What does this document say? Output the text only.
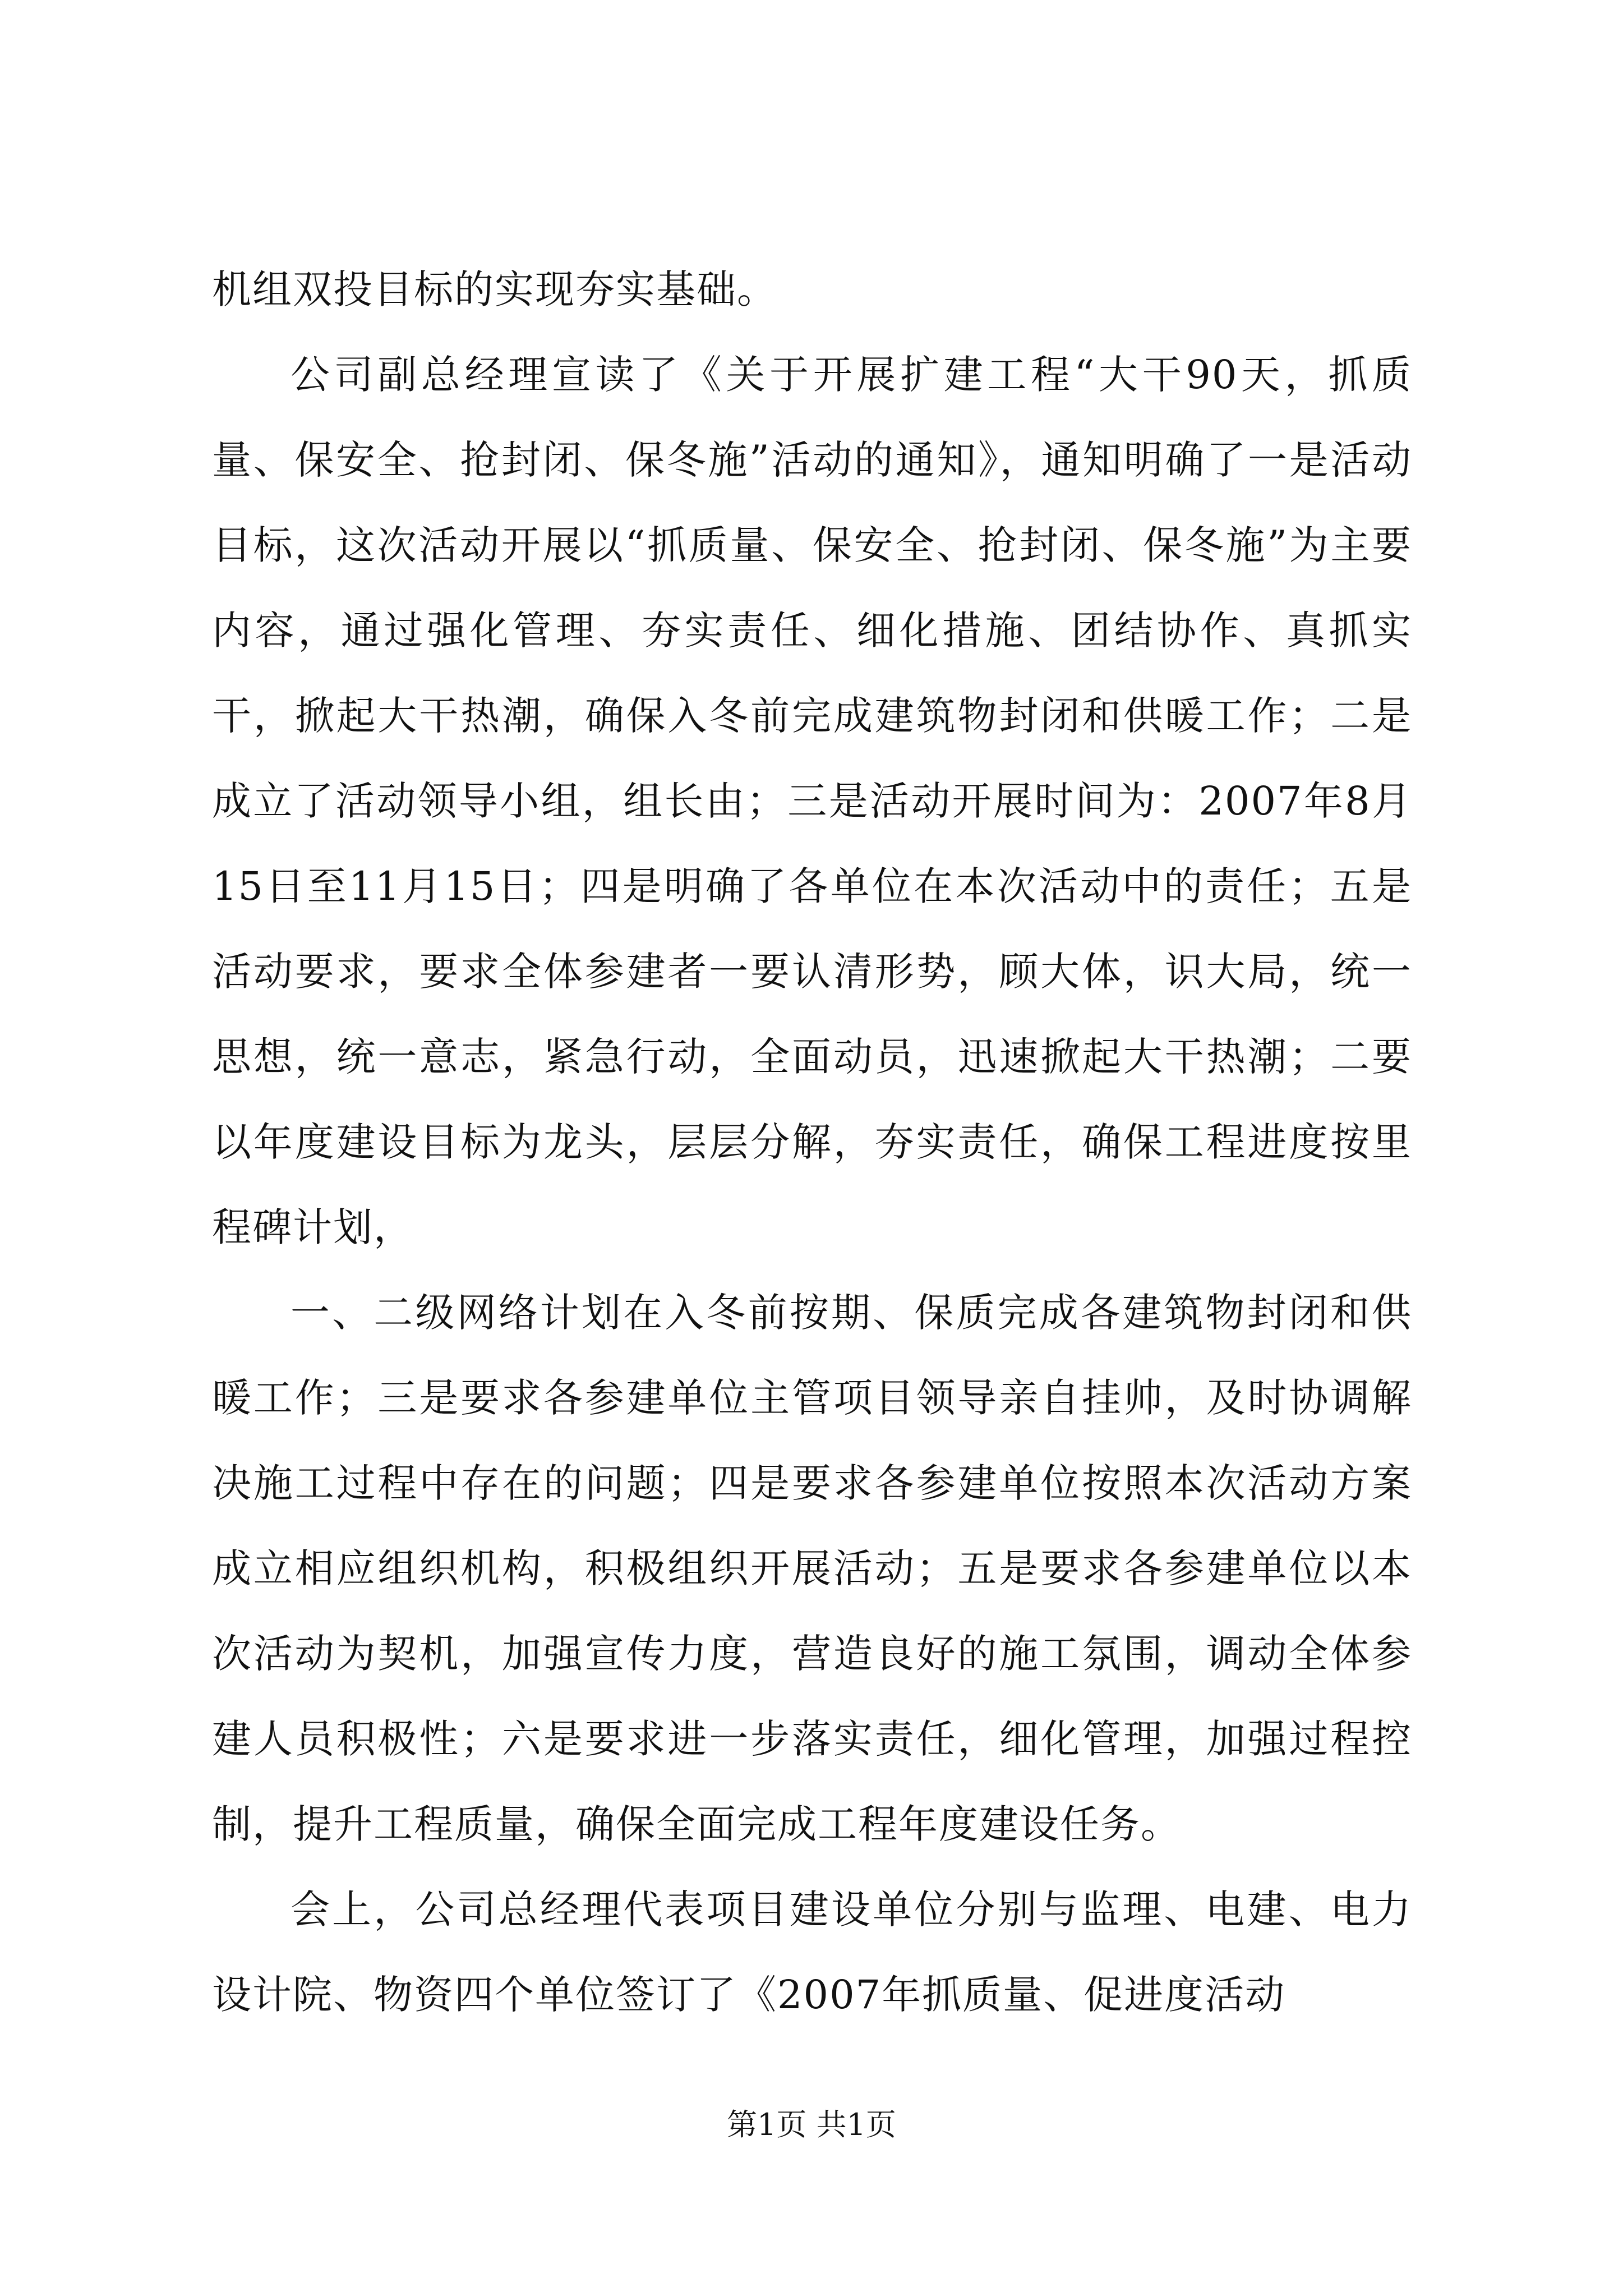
机组双投目标的实现夯实基础。

公司副总经理宣读了《关于开展扩建工程“大干90天，抓质量、保安全、抢封闭、保冬施”活动的通知》，通知明确了一是活动目标，这次活动开展以“抓质量、保安全、抢封闭、保冬施”为主要内容，通过强化管理、夯实责任、细化措施、团结协作、真抓实干，掀起大干热潮，确保入冬前完成建筑物封闭和供暖工作；二是成立了活动领导小组，组长由；三是活动开展时间为：2007年8月15日至11月15日；四是明确了各单位在本次活动中的责任；五是活动要求，要求全体参建者一要认清形势，顾大体，识大局，统一思想，统一意志，紧急行动，全面动员，迅速掀起大干热潮；二要以年度建设目标为龙头，层层分解，夯实责任，确保工程进度按里程碑计划，

一、二级网络计划在入冬前按期、保质完成各建筑物封闭和供暖工作；三是要求各参建单位主管项目领导亲自挂帅，及时协调解决施工过程中存在的问题；四是要求各参建单位按照本次活动方案成立相应组织机构，积极组织开展活动；五是要求各参建单位以本次活动为契机，加强宣传力度，营造良好的施工氛围，调动全体参建人员积极性；六是要求进一步落实责任，细化管理，加强过程控制，提升工程质量，确保全面完成工程年度建设任务。

会上，公司总经理代表项目建设单位分别与监理、电建、电力设计院、物资四个单位签订了《2007年抓质量、促进度活动

第1页 共1页
